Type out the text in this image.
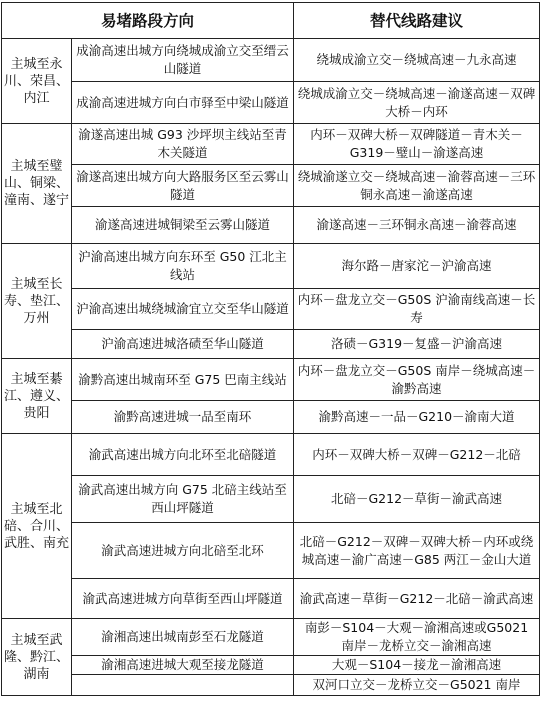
易堵路段方向		替代线路建议
主城至永川、荣昌、内江	成渝高速出城方向绕城成渝立交至缙云山隧道	绕城成渝立交－绕城高速－九永高速
	成渝高速进城方向白市驿至中梁山隧道	绕城成渝立交－绕城高速－渝遂高速－双碑大桥－内环
主城至璧山、铜梁、潼南、遂宁	渝遂高速出城 G93 沙坪坝主线站至青木关隧道	内环－双碑大桥－双碑隧道－青木关－G319－璧山－渝遂高速
	渝遂高速出城方向大路服务区至云雾山隧道	绕城渝遂立交－绕城高速－渝蓉高速－三环铜永高速－渝遂高速
	渝遂高速进城铜梁至云雾山隧道	渝遂高速－三环铜永高速－渝蓉高速
主城至长寿、垫江、万州	沪渝高速出城方向东环至 G50 江北主线站	海尔路－唐家沱－沪渝高速
	沪渝高速出城绕城渝宜立交至华山隧道	内环－盘龙立交－G50S 沪渝南线高速－长寿
	沪渝高速进城洛碛至华山隧道	洛碛－G319－复盛－沪渝高速
主城至綦江、遵义、贵阳	渝黔高速出城南环至 G75 巴南主线站	内环－盘龙立交－G50S 南岸－绕城高速－渝黔高速
	渝黔高速进城一品至南环	渝黔高速－一品－G210－渝南大道
主城至北碚、合川、武胜、南充	渝武高速出城方向北环至北碚隧道	内环－双碑大桥－双碑－G212－北碚
	渝武高速出城方向 G75 北碚主线站至西山坪隧道	北碚－G212－草街－渝武高速
	渝武高速进城方向北碚至北环	北碚－G212－双碑－双碑大桥－内环或绕城高速－渝广高速－G85 两江－金山大道
	渝武高速进城方向草街至西山坪隧道	渝武高速－草街－G212－北碚－渝武高速
主城至武隆、黔江、湖南	渝湘高速出城南彭至石龙隧道	南彭－S104－大观－渝湘高速或G5021 南岸－龙桥立交－渝湘高速
	渝湘高速进城大观至接龙隧道	大观－S104－接龙－渝湘高速
		双河口立交－龙桥立交－G5021 南岸
